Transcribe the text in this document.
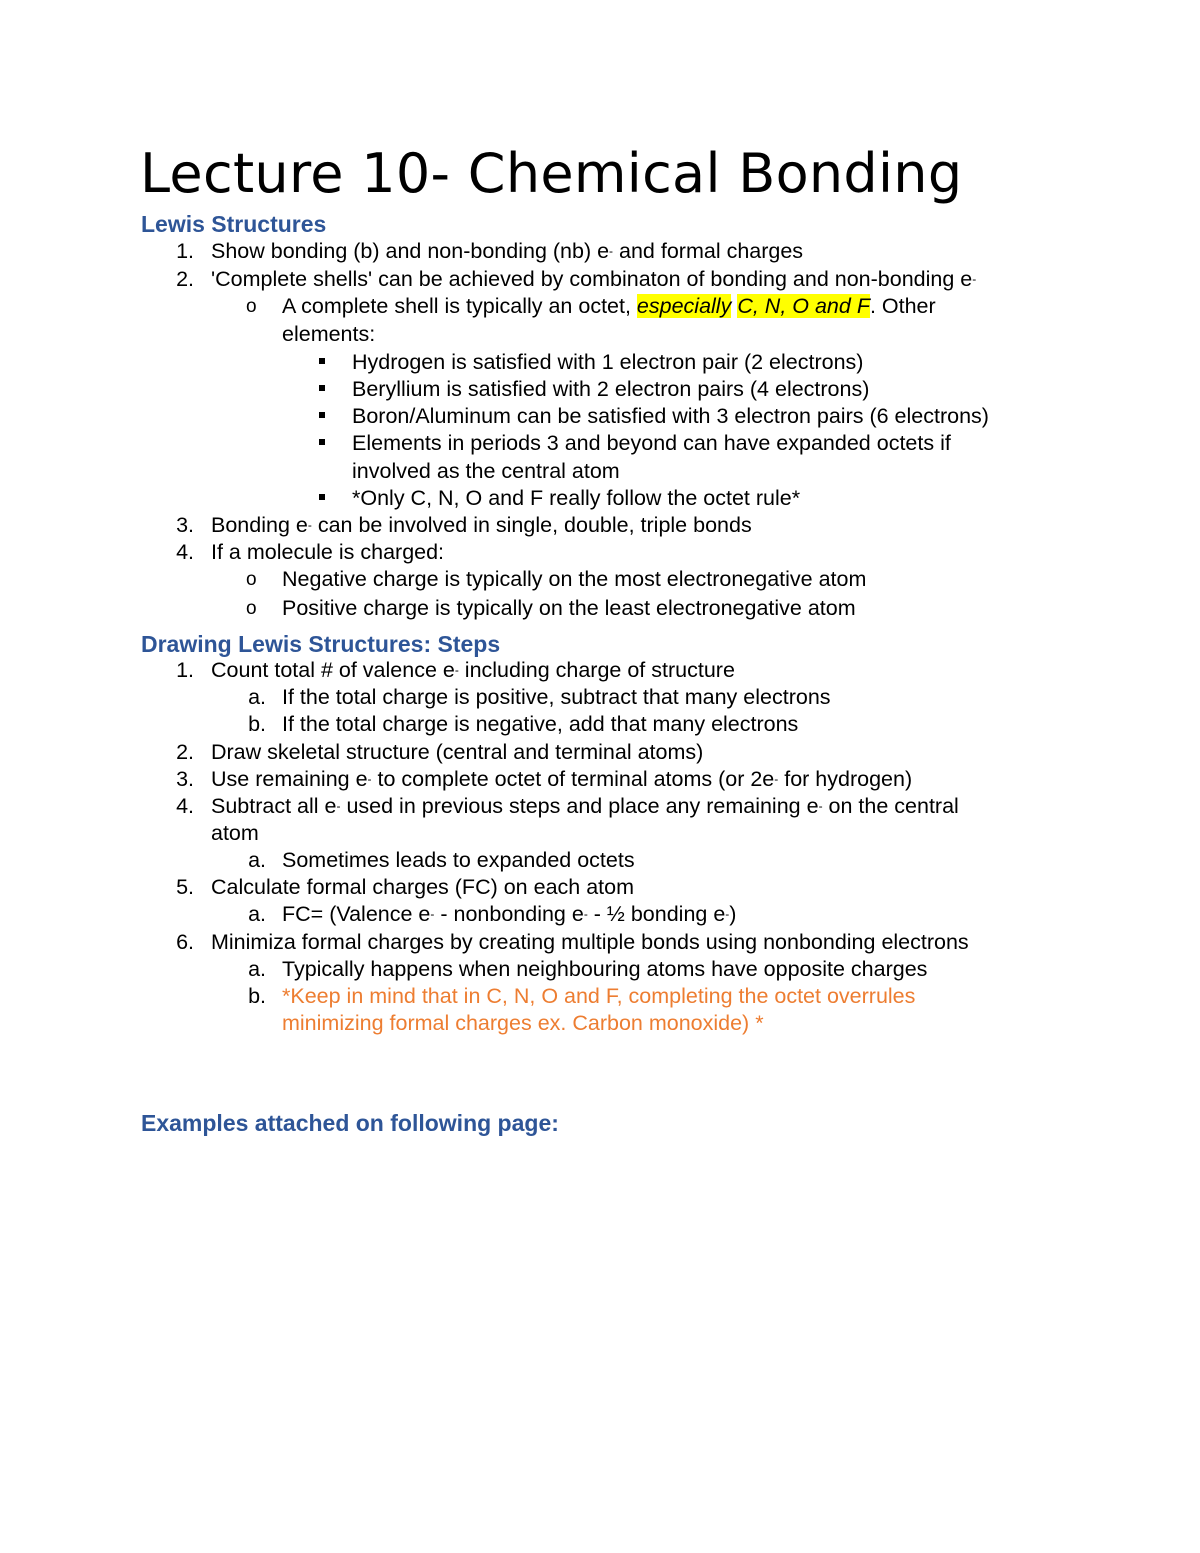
Lecture 10- Chemical Bonding
Lewis Structures
1. Show bonding (b) and non-bonding (nb) e- and formal charges
2. 'Complete shells' can be achieved by combinaton of bonding and non-bonding e-
o A complete shell is typically an octet, especially C, N, O and F. Other
elements:
Hydrogen is satisfied with 1 electron pair (2 electrons)
Beryllium is satisfied with 2 electron pairs (4 electrons)
Boron/Aluminum can be satisfied with 3 electron pairs (6 electrons)
Elements in periods 3 and beyond can have expanded octets if
involved as the central atom
*Only C, N, O and F really follow the octet rule*
3. Bonding e- can be involved in single, double, triple bonds
4. If a molecule is charged:
o Negative charge is typically on the most electronegative atom
o Positive charge is typically on the least electronegative atom
Drawing Lewis Structures: Steps
1. Count total # of valence e- including charge of structure
a. If the total charge is positive, subtract that many electrons
b. If the total charge is negative, add that many electrons
2. Draw skeletal structure (central and terminal atoms)
3. Use remaining e- to complete octet of terminal atoms (or 2e- for hydrogen)
4. Subtract all e- used in previous steps and place any remaining e- on the central
atom
a. Sometimes leads to expanded octets
5. Calculate formal charges (FC) on each atom
a. FC= (Valence e- - nonbonding e- - ½ bonding e-)
6. Minimiza formal charges by creating multiple bonds using nonbonding electrons
a. Typically happens when neighbouring atoms have opposite charges
b. *Keep in mind that in C, N, O and F, completing the octet overrules
minimizing formal charges ex. Carbon monoxide) *
Examples attached on following page:
